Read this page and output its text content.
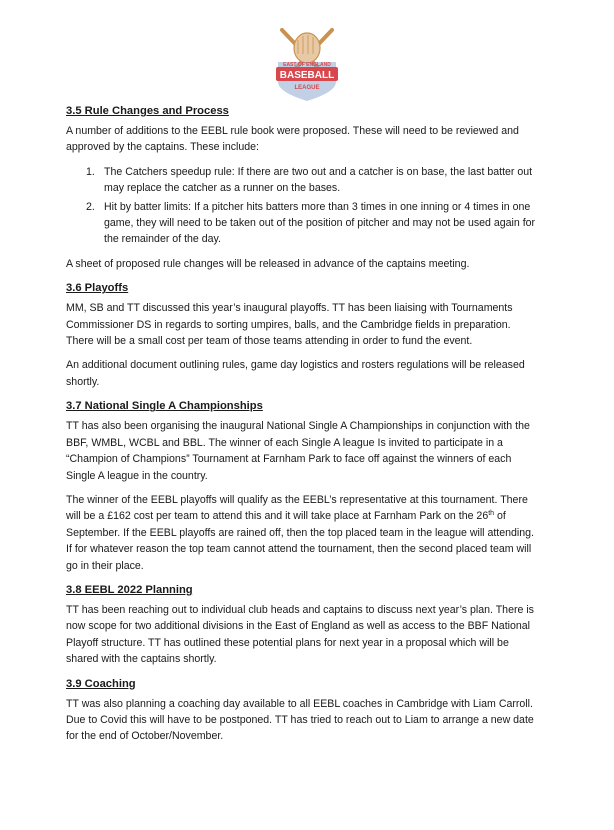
EAST OF ENGLAND
BASEBALL
LEAGUE
3.5 Rule Changes and Process

A number of additions to the EEBL rule book were proposed. These will need to be reviewed and approved by the captains. These include:

1. The Catchers speedup rule: If there are two out and a catcher is on base, the last batter out may replace the catcher as a runner on the bases.
2. Hit by batter limits: If a pitcher hits batters more than 3 times in one inning or 4 times in one game, they will need to be taken out of the position of pitcher and may not be used again for the remainder of the day.

A sheet of proposed rule changes will be released in advance of the captains meeting.

3.6 Playoffs

MM, SB and TT discussed this year’s inaugural playoffs. TT has been liaising with Tournaments Commissioner DS in regards to sorting umpires, balls, and the Cambridge fields in preparation. There will be a small cost per team of those teams attending in order to fund the event.

An additional document outlining rules, game day logistics and rosters regulations will be released shortly.

3.7 National Single A Championships

TT has also been organising the inaugural National Single A Championships in conjunction with the BBF, WMBL, WCBL and BBL. The winner of each Single A league Is invited to participate in a “Champion of Champions” Tournament at Farnham Park to face off against the winners of each Single A league in the country.

The winner of the EEBL playoffs will qualify as the EEBL’s representative at this tournament. There will be a £162 cost per team to attend this and it will take place at Farnham Park on the 26th of September. If the EEBL playoffs are rained off, then the top placed team in the league will attending. If for whatever reason the top team cannot attend the tournament, then the second placed team will go in their place.

3.8 EEBL 2022 Planning

TT has been reaching out to individual club heads and captains to discuss next year’s plan. There is now scope for two additional divisions in the East of England as well as access to the BBF National Playoff structure. TT has outlined these potential plans for next year in a proposal which will be shared with the captains shortly.

3.9 Coaching

TT was also planning a coaching day available to all EEBL coaches in Cambridge with Liam Carroll. Due to Covid this will have to be postponed. TT has tried to reach out to Liam to arrange a new date for the end of October/November.
